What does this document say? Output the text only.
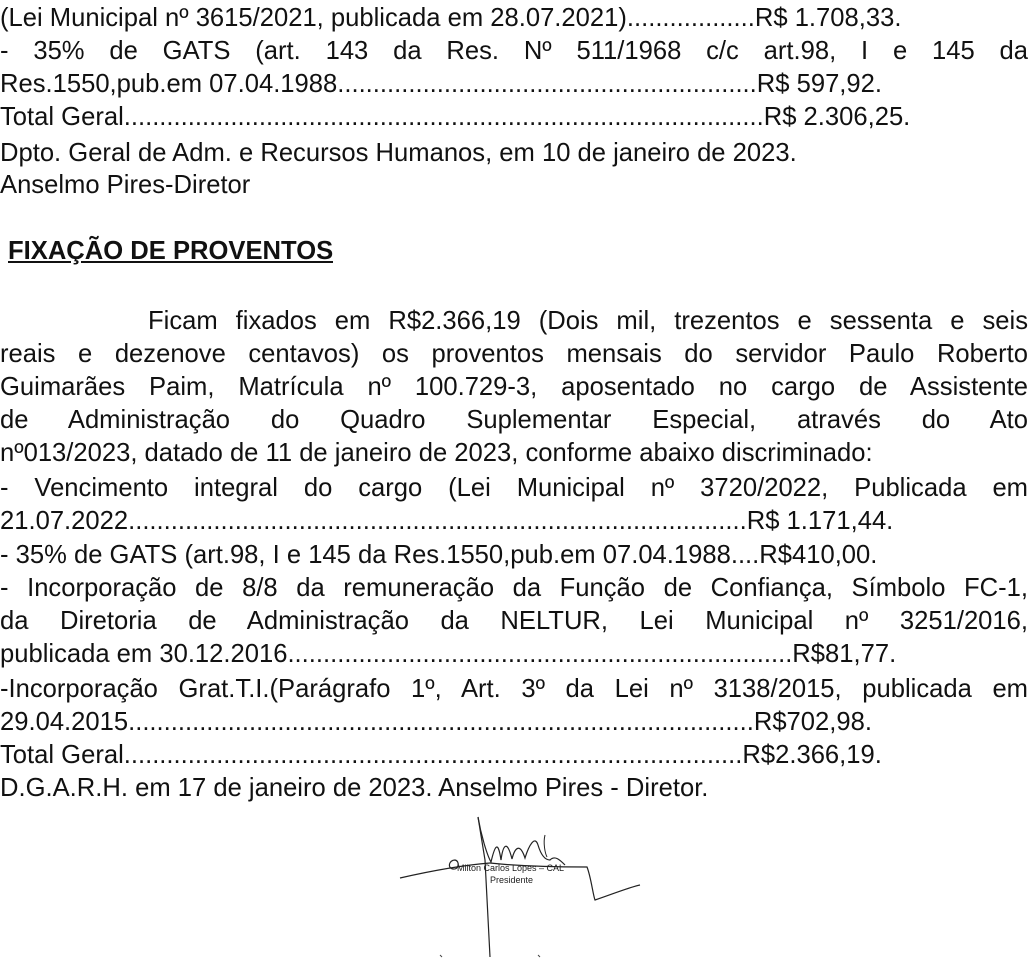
(Lei Municipal nº 3615/2021, publicada em 28.07.2021)..................R$ 1.708,33.
- 35% de GATS (art. 143 da Res. Nº 511/1968 c/c art.98, I e 145 da
Res.1550,pub.em 07.04.1988...........................................................R$ 597,92.
Total Geral..........................................................................................R$ 2.306,25.
Dpto. Geral de Adm. e Recursos Humanos, em 10 de janeiro de 2023.
Anselmo Pires-Diretor
FIXAÇÃO DE PROVENTOS
Ficam fixados em R$2.366,19 (Dois mil, trezentos e sessenta e seis
reais e dezenove centavos) os proventos mensais do servidor Paulo Roberto
Guimarães Paim, Matrícula nº 100.729-3, aposentado no cargo de Assistente
de Administração do Quadro Suplementar Especial, através do Ato
nº013/2023, datado de 11 de janeiro de 2023, conforme abaixo discriminado:
- Vencimento integral do cargo (Lei Municipal nº 3720/2022, Publicada em
21.07.2022.......................................................................................R$ 1.171,44.
- 35% de GATS (art.98, I e 145 da Res.1550,pub.em 07.04.1988....R$410,00.
- Incorporação de 8/8 da remuneração da Função de Confiança, Símbolo FC-1,
da Diretoria de Administração da NELTUR, Lei Municipal nº 3251/2016,
publicada em 30.12.2016.......................................................................R$81,77.
-Incorporação Grat.T.I.(Parágrafo 1º, Art. 3º da Lei nº 3138/2015, publicada em
29.04.2015........................................................................................R$702,98.
Total Geral.......................................................................................R$2.366,19.
D.G.A.R.H. em 17 de janeiro de 2023. Anselmo Pires - Diretor.
Milton Carlos Lopes – CAL
Presidente
